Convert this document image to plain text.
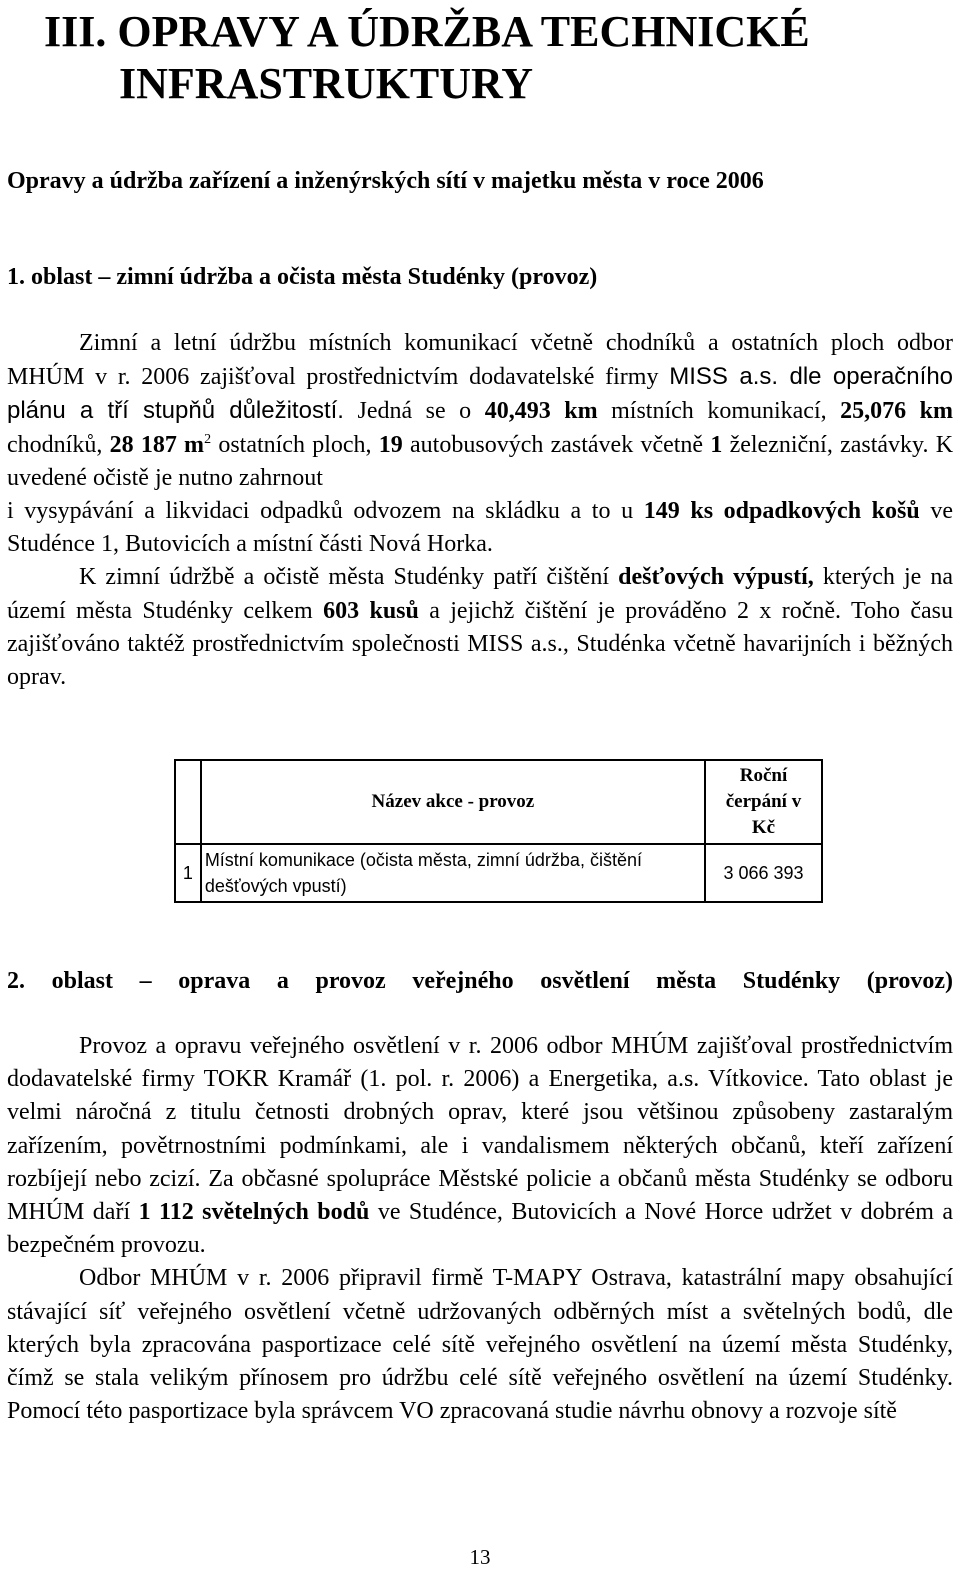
III. OPRAVY A ÚDRŽBA TECHNICKÉ
INFRASTRUKTURY
Opravy a údržba zařízení a inženýrských sítí v majetku města v roce 2006
1. oblast – zimní údržba a očista města Studénky (provoz)

Zimní a letní údržbu místních komunikací včetně chodníků a ostatních ploch odbor MHÚM v r. 2006 zajišťoval prostřednictvím dodavatelské firmy MISS a.s. dle operačního plánu a tří stupňů důležitostí. Jedná se o 40,493 km místních komunikací, 25,076 km chodníků, 28 187 $m^2$ ostatních ploch, 19 autobusových zastávek včetně 1 železniční, zastávky. K uvedené očistě je nutno zahrnout
i vysypávání a likvidaci odpadků odvozem na skládku a to u 149 ks odpadkových košů ve Studénce 1, Butovicích a místní části Nová Horka.
K zimní údržbě a očistě města Studénky patří čištění dešťových výpustí, kterých je na území města Studénky celkem 603 kusů a jejichž čištění je prováděno 2 x ročně. Toho času zajišťováno taktéž prostřednictvím společnosti MISS a.s., Studénka včetně havarijních i běžných oprav.

	Název akce - provoz	Roční
čerpání v
Kč
1	Místní komunikace (očista města, zimní údržba, čištění dešťových vpustí)	3 066 393
2. oblast – oprava a provoz veřejného osvětlení města Studénky (provoz)

Provoz a opravu veřejného osvětlení v r. 2006 odbor MHÚM zajišťoval prostřednictvím dodavatelské firmy TOKR Kramář (1. pol. r. 2006) a Energetika, a.s. Vítkovice. Tato oblast je velmi náročná z titulu četnosti drobných oprav, které jsou většinou způsobeny zastaralým zařízením, povětrnostními podmínkami, ale i vandalismem některých občanů, kteří zařízení rozbíjejí nebo zcizí. Za občasné spolupráce Městské policie a občanů města Studénky se odboru MHÚM daří 1 112 světelných bodů ve Studénce, Butovicích a Nové Horce udržet v dobrém a bezpečném provozu.
Odbor MHÚM v r. 2006 připravil firmě T-MAPY Ostrava, katastrální mapy obsahující stávající síť veřejného osvětlení včetně udržovaných odběrných míst a světelných bodů, dle kterých byla zpracována pasportizace celé sítě veřejného osvětlení na území města Studénky, čímž se stala velikým přínosem pro údržbu celé sítě veřejného osvětlení na území Studénky. Pomocí této pasportizace byla správcem VO zpracovaná studie návrhu obnovy a rozvoje sítě

13
